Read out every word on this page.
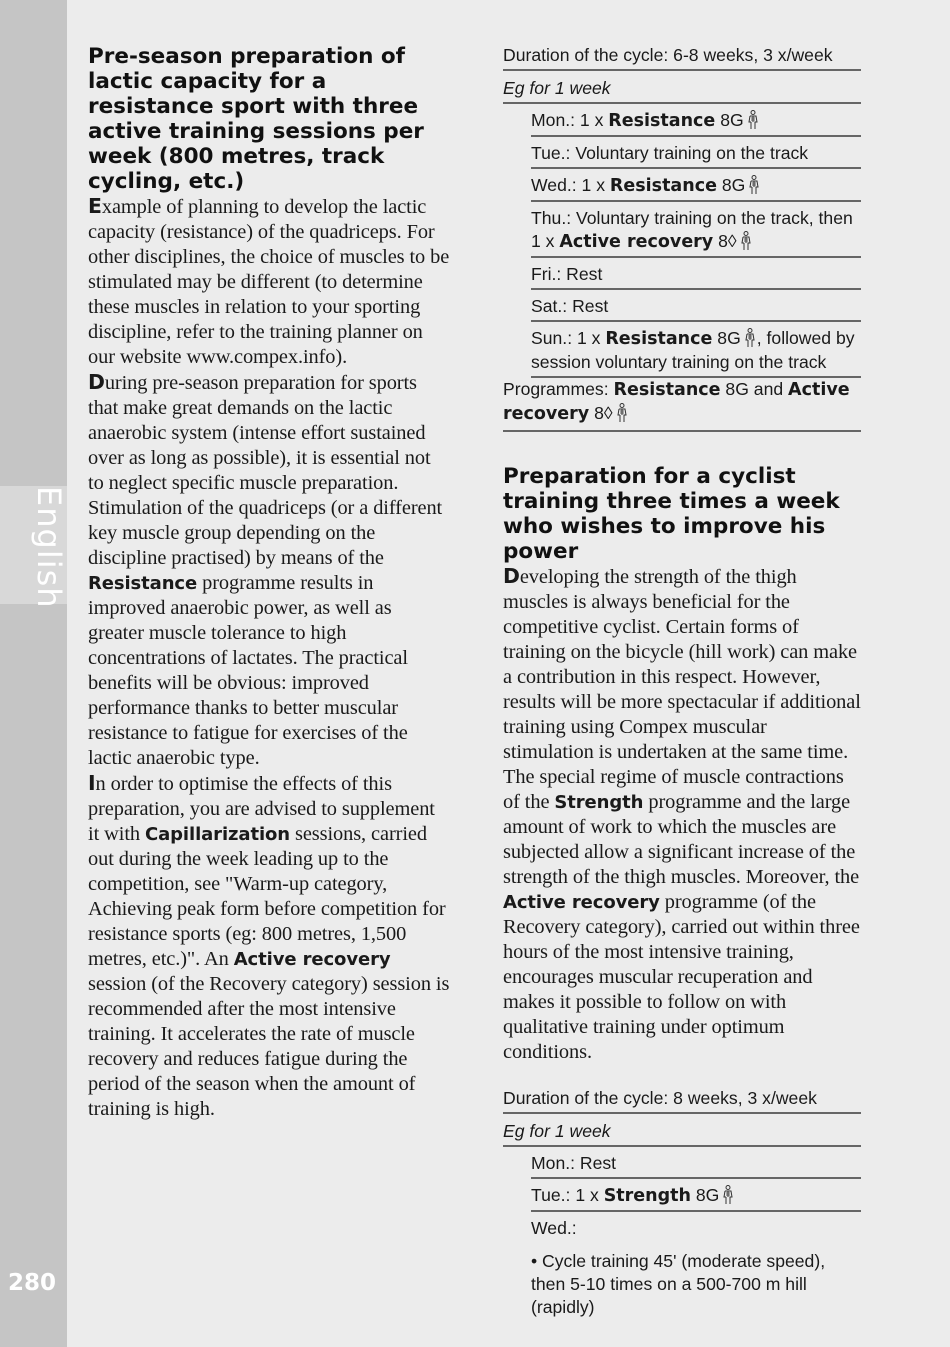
English
280
Pre-season preparation of lactic capacity for a resistance sport with three active training sessions per week (800 metres, track cycling, etc.)

Example of planning to develop the lactic capacity (resistance) of the quadriceps. For other disciplines, the choice of muscles to be stimulated may be different (to determine these muscles in relation to your sporting discipline, refer to the training planner on our website www.compex.info).

During pre-season preparation for sports that make great demands on the lactic anaerobic system (intense effort sustained over as long as possible), it is essential not to neglect specific muscle preparation. Stimulation of the quadriceps (or a different key muscle group depending on the discipline practised) by means of the Resistance programme results in improved anaerobic power, as well as greater muscle tolerance to high concentrations of lactates. The practical benefits will be obvious: improved performance thanks to better muscular resistance to fatigue for exercises of the lactic anaerobic type.

In order to optimise the effects of this preparation, you are advised to supplement it with Capillarization sessions, carried out during the week leading up to the competition, see "Warm-up category, Achieving peak form before competition for resistance sports (eg: 800 metres, 1,500 metres, etc.)". An Active recovery session (of the Recovery category) session is recommended after the most intensive training. It accelerates the rate of muscle recovery and reduces fatigue during the period of the season when the amount of training is high.

Duration of the cycle: 6-8 weeks, 3 x/week
Eg for 1 week
Mon.: 1 x Resistance 8G
Tue.: Voluntary training on the track
Wed.: 1 x Resistance 8G
Thu.: Voluntary training on the track, then
1 x Active recovery 8◊
Fri.: Rest
Sat.: Rest
Sun.: 1 x Resistance 8G , followed by
session voluntary training on the track
Programmes: Resistance 8G and Active
recovery 8◊
Preparation for a cyclist training three times a week who wishes to improve his power

Developing the strength of the thigh muscles is always beneficial for the competitive cyclist. Certain forms of training on the bicycle (hill work) can make a contribution in this respect. However, results will be more spectacular if additional training using Compex muscular stimulation is undertaken at the same time. The special regime of muscle contractions of the Strength programme and the large amount of work to which the muscles are subjected allow a significant increase of the strength of the thigh muscles. Moreover, the Active recovery programme (of the Recovery category), carried out within three hours of the most intensive training, encourages muscular recuperation and makes it possible to follow on with qualitative training under optimum conditions.

Duration of the cycle: 8 weeks, 3 x/week
Eg for 1 week
Mon.: Rest
Tue.: 1 x Strength 8G
Wed.:
• Cycle training 45' (moderate speed), then 5-10 times on a 500-700 m hill (rapidly)
